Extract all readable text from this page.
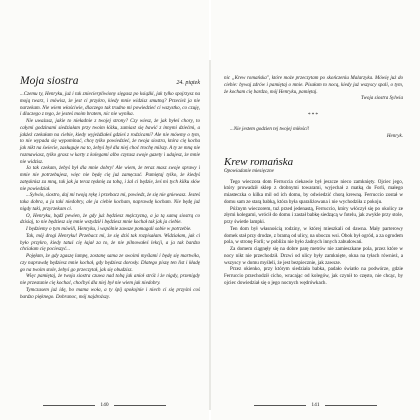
Moja siostra	24. piątek

...Czemu ty, Henryku, już i tak zniecierpliwiony sięgasz po książki, jak tylko spojrzysz na moją twarz, i mówisz, że jest ci przykro, kiedy mnie widzisz smutną? Przecież ja nie narzekam. Nie wiem właściwie, dlaczego tak trudno mi powiedzieć ci wszystko, co czuję, i dlaczego z tego, że jesteś moim bratem, nic nie wynika.

Nie uważasz, jakie to nieładnie z twojej strony? Czy wiesz, że jak byłeś chory, to całymi godzinami siedziałam przy twoim łóżku, zamiast się bawić z innymi dziećmi, a jakżeż czekałam na ciebie, kiedy wyjeżdżałeś gdzieś z rodzicami? Ale nie mówmy o tym, to nie wypada się wypominać, chcę tylko powiedzieć, że twoja siostra, która cię kocha jak nikt na świecie, zasługuje na to, żebyś był dla niej choć trochę milszy. A ty ze mną nie rozmawiasz, tylko grasz w karty z kolegami albo czytasz swoje gazety i udajesz, że mnie nie widzisz.

Ja tak czekam, żebyś był dla mnie dobry! Ale wiem, że teraz masz swoje sprawy i mnie nie potrzebujesz, więc nie będę cię już zamęczać. Pamiętaj tylko, że kiedyś zatęsknisz za mną, tak jak ja teraz tęsknię za tobą, i żal ci będzie, żeś mi tych kilku słów nie powiedział.

...Sylwio, siostro, daj mi twoją rękę i przebacz mi, powiedz, że się nie gniewasz. Jesteś taka dobra, a ja taki niedobry, ale ja ciebie kocham, naprawdę kocham. Nie będę już nigdy taki, przyrzekam ci.

O, Henryku, bądź pewien, że gdy już będziesz mężczyzną, a ja tą samą siostrą co dzisiaj, to nie będziesz się mnie wstydził i będziesz mnie kochał tak jak ja ciebie.

I będziemy o tym mówili, Henryku, i wspólnie zawsze pomagali sobie w potrzebie.

Tak, mój drogi Henryku! Przebacz mi, że się dziś tak rozpisałam. Widziałam, jak ci było przykro, kiedy tatuś cię łajał za to, że nie pilnowałeś lekcji, a ja tak bardzo chciałam cię pocieszyć...

Pojęłam, że gdy zgaszę lampę, zostanę sama ze swoimi myślami i będę się martwiła, czy naprawdę będziesz mnie kochał, gdy będziesz dorosły. Dlatego piszę ten list i kładę go na twoim stole, żebyś go przeczytał, jak się obudzisz.

Więc pamiętaj, że twoja siostra czuwa nad tobą jak anioł stróż i że nigdy, przenigdy nie przestanie cię kochać, choćbyś dla niej był nie wiem jak niedobry.

Tymczasem już idę, bo mama woła, a ty śpij spokojnie i niech ci się przyśni coś bardzo pięknego. Dobranoc, mój najdroższy.

140

nic „Krew romańska", które może przeczytam po skończeniu Malarzyka. Mówię już do ciebie: bywaj zdrów i pamiętaj o mnie. Pisałam to nocą, kiedy już wszyscy spali, o tym, że kocham cię bardzo, mój Henryku, pamiętaj.

Twoja siostra Sylwia
***

...Nie jestem godzien tej twojej miłości!

Henryk.
Krew romańska
Opowiadanie miesięczne

Tego wieczora dom Ferruccia ciekawie był jeszcze nieco zamknięty. Ojciec jego, który prowadził sklep z drobnymi towarami, wyjechał z matką do Forli, małego miasteczka o kilka mil od ich domu, by odwiedzić chorą krewną. Ferruccio został w domu sam ze starą babką, która była sparaliżowana i nie wychodziła z pokoju.

Późnym wieczorem, tuż przed jedenastą, Ferruccio, który włóczył się po okolicy ze złymi kolegami, wrócił do domu i zastał babkę siedzącą w fotelu, jak zwykle przy stole, przy świetle lampki.

Ten dom był własnością rodziny, w której mieszkali od dawna. Mały parterowy domek stał przy drodze, z bramą od ulicy, na uboczu wsi. Obok był ogród, a za ogrodem pola, w stronę Forli; w pobliżu nie było żadnych innych zabudowań.

Za domem ciągnęły się na dobre parę metrów nie zamieszkane pola, przez które w nocy nikt nie przechodził. Drzwi od ulicy były zamknięte, okna na tyłach również, a wszyscy w domu myśleli, że jest bezpiecznie, jak zawsze.

Przez okienko, przy którym siedziała babka, padało światło na podwórze, gdzie Ferruccio przechodził cicho, wracając od kolegów, jak czynił to często, nie chcąc, by ojciec dowiedział się o jego nocnych wędrówkach.

141
